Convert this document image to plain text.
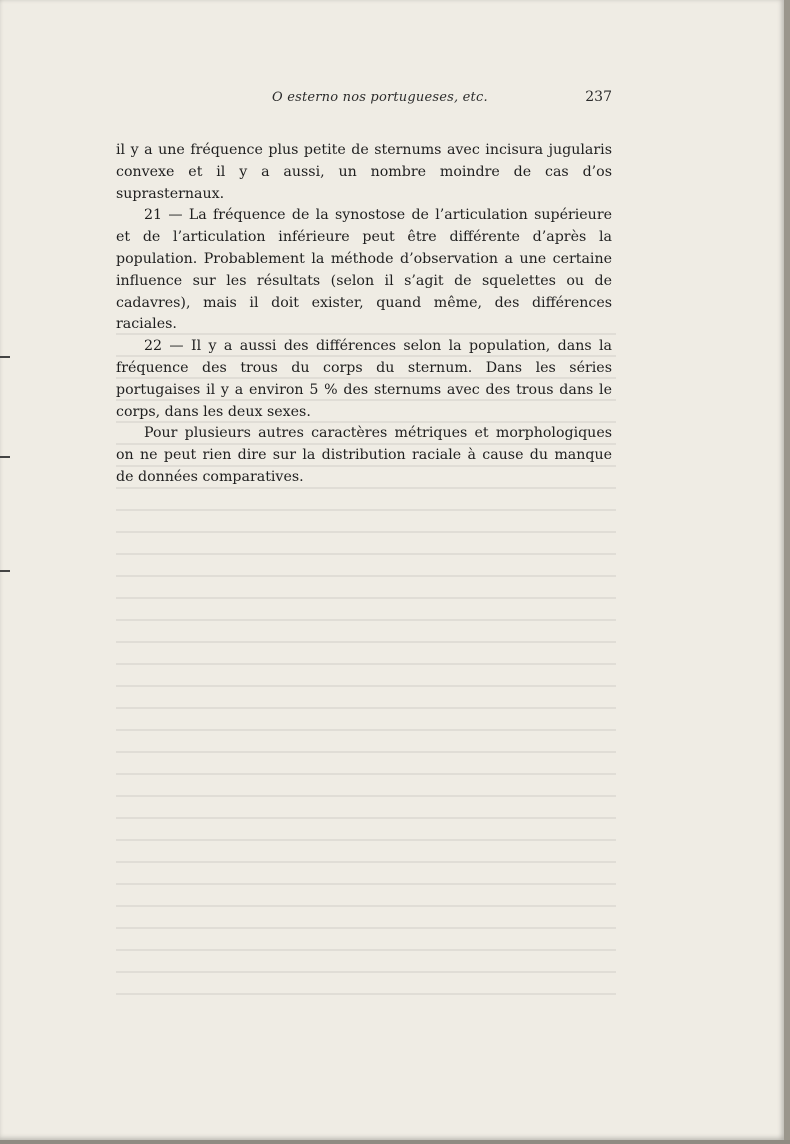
O esterno nos portugueses, etc.	237

il y a une fréquence plus petite de sternums avec incisura jugularis convexe et il y a aussi, un nombre moindre de cas d’os suprasternaux.

21 — La fréquence de la synostose de l’articulation supérieure et de l’articulation inférieure peut être différente d’après la population. Probablement la méthode d’observation a une certaine influence sur les résultats (selon il s’agit de squelettes ou de cadavres), mais il doit exister, quand même, des différences raciales.

22 — Il y a aussi des différences selon la population, dans la fréquence des trous du corps du sternum. Dans les séries portugaises il y a environ 5 % des sternums avec des trous dans le corps, dans les deux sexes.

Pour plusieurs autres caractères métriques et morphologiques on ne peut rien dire sur la distribution raciale à cause du manque de données comparatives.
